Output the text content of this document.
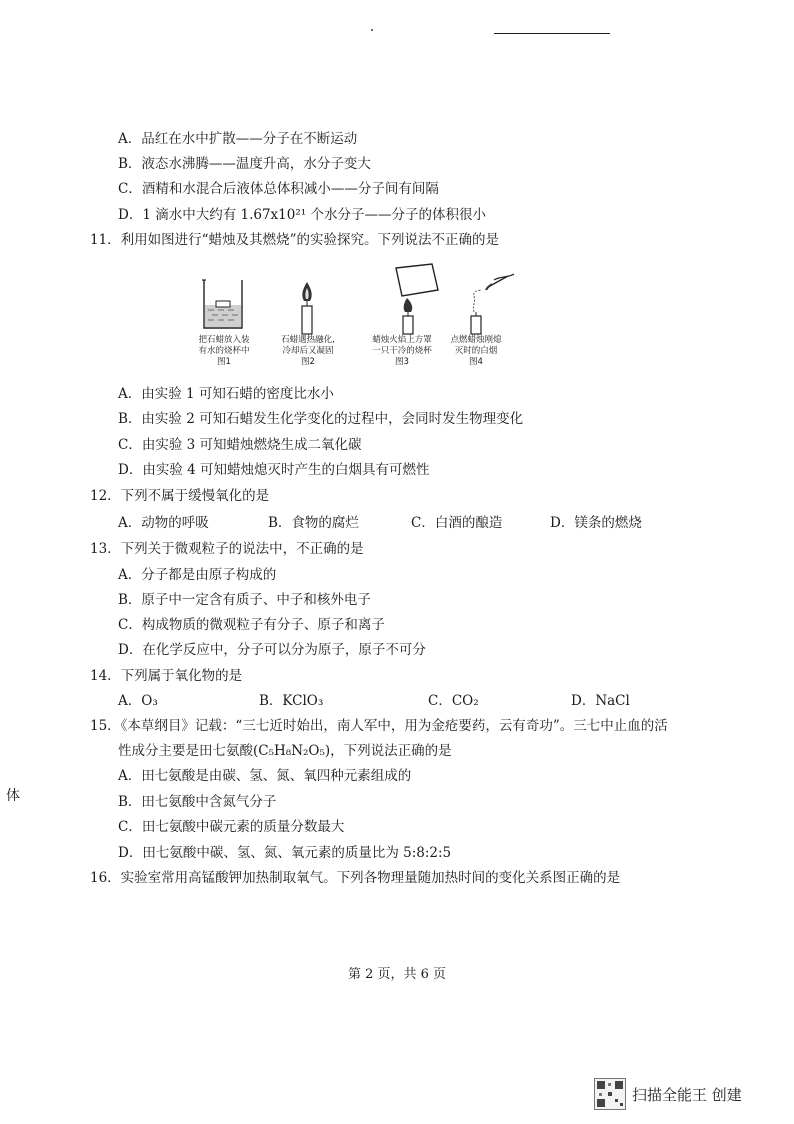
A．品红在水中扩散——分子在不断运动
B．液态水沸腾——温度升高，水分子变大
C．酒精和水混合后液体总体积减小——分子间有间隔
D．1 滴水中大约有 1.67x10²¹ 个水分子——分子的体积很小
11．利用如图进行“蜡烛及其燃烧”的实验探究。下列说法不正确的是
把石蜡放入装
有水的烧杯中
图1
石蜡遇热融化,
冷却后又凝固
图2
蜡烛火焰上方罩
一只干冷的烧杯
图3
点燃蜡烛刚熄
灭时的白烟
图4
A．由实验 1 可知石蜡的密度比水小
B．由实验 2 可知石蜡发生化学变化的过程中，会同时发生物理变化
C．由实验 3 可知蜡烛燃烧生成二氧化碳
D．由实验 4 可知蜡烛熄灭时产生的白烟具有可燃性
12．下列不属于缓慢氧化的是
A．动物的呼吸	B．食物的腐烂	C．白酒的酿造	D．镁条的燃烧
13．下列关于微观粒子的说法中，不正确的是
A．分子都是由原子构成的
B．原子中一定含有质子、中子和核外电子
C．构成物质的微观粒子有分子、原子和离子
D．在化学反应中，分子可以分为原子，原子不可分
14．下列属于氧化物的是
A．O₃	B．KClO₃	C．CO₂	D．NaCl
15．《本草纲目》记载：“三七近时始出，南人军中，用为金疮要药，云有奇功”。三七中止血的活
性成分主要是田七氨酸(C₅H₈N₂O₅)，下列说法正确的是
A．田七氨酸是由碳、氢、氮、氧四种元素组成的
B．田七氨酸中含氮气分子
C．田七氨酸中碳元素的质量分数最大
D．田七氨酸中碳、氢、氮、氧元素的质量比为 5:8:2:5
16．实验室常用高锰酸钾加热制取氧气。下列各物理量随加热时间的变化关系图正确的是
体
第 2 页，共 6 页
扫描全能王 创建
